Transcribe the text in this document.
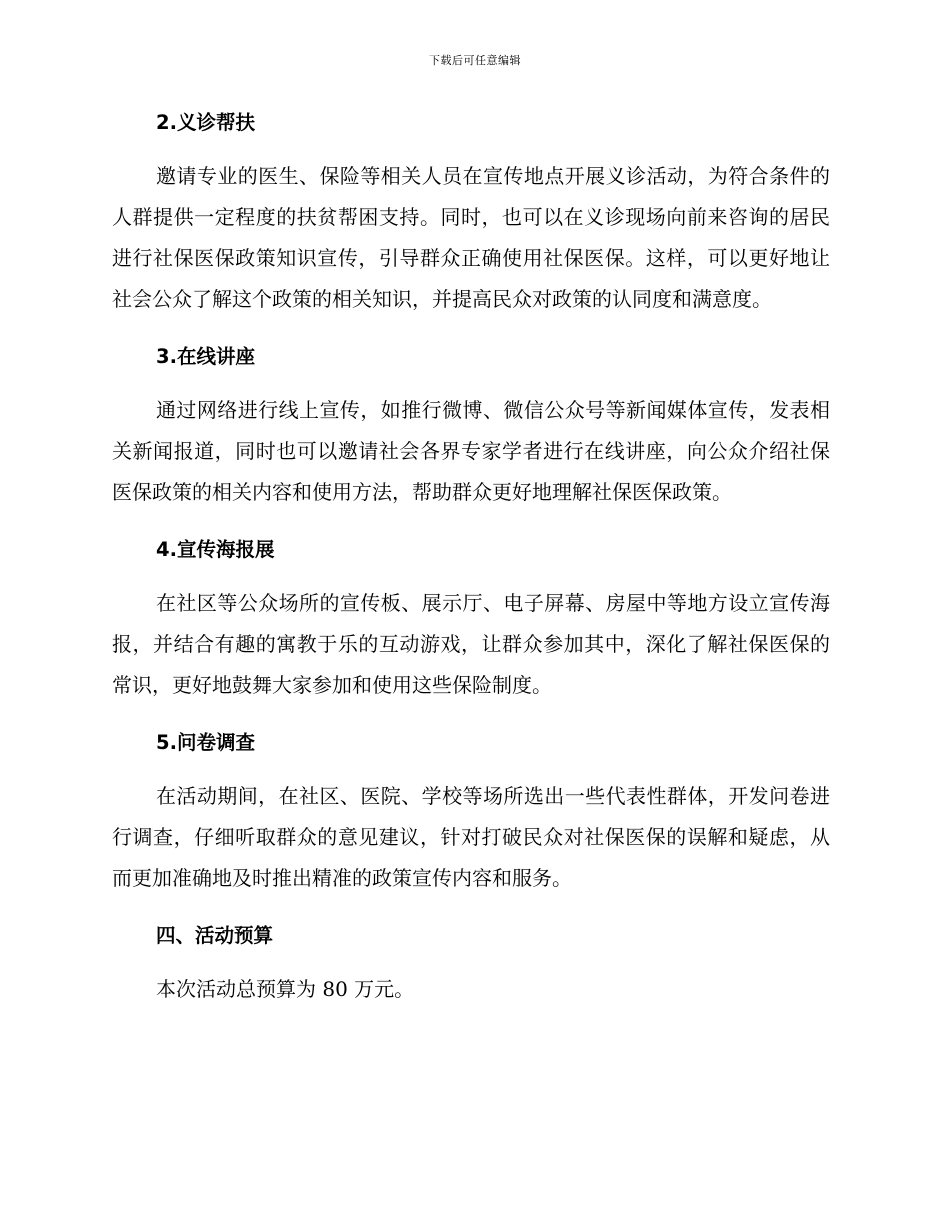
下载后可任意编辑
2.义诊帮扶

邀请专业的医生、保险等相关人员在宣传地点开展义诊活动，为符合条件的人群提供一定程度的扶贫帮困支持。同时，也可以在义诊现场向前来咨询的居民进行社保医保政策知识宣传，引导群众正确使用社保医保。这样，可以更好地让社会公众了解这个政策的相关知识，并提高民众对政策的认同度和满意度。

3.在线讲座

通过网络进行线上宣传，如推行微博、微信公众号等新闻媒体宣传，发表相关新闻报道，同时也可以邀请社会各界专家学者进行在线讲座，向公众介绍社保医保政策的相关内容和使用方法，帮助群众更好地理解社保医保政策。

4.宣传海报展

在社区等公众场所的宣传板、展示厅、电子屏幕、房屋中等地方设立宣传海报，并结合有趣的寓教于乐的互动游戏，让群众参加其中，深化了解社保医保的常识，更好地鼓舞大家参加和使用这些保险制度。

5.问卷调查

在活动期间，在社区、医院、学校等场所选出一些代表性群体，开发问卷进行调查，仔细听取群众的意见建议，针对打破民众对社保医保的误解和疑虑，从而更加准确地及时推出精准的政策宣传内容和服务。

四、活动预算

本次活动总预算为 80 万元。
